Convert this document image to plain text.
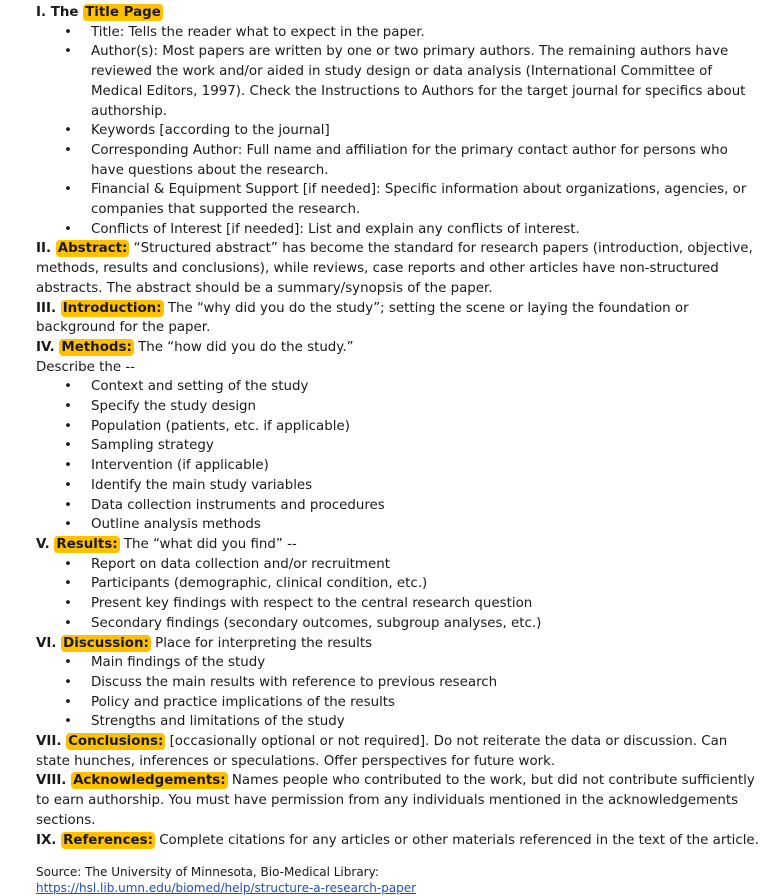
I. The Title Page

• Title: Tells the reader what to expect in the paper.
• Author(s): Most papers are written by one or two primary authors. The remaining authors have reviewed the work and/or aided in study design or data analysis (International Committee of Medical Editors, 1997). Check the Instructions to Authors for the target journal for specifics about authorship.
• Keywords [according to the journal]
• Corresponding Author: Full name and affiliation for the primary contact author for persons who have questions about the research.
• Financial & Equipment Support [if needed]: Specific information about organizations, agencies, or companies that supported the research.
• Conflicts of Interest [if needed]: List and explain any conflicts of interest.

II. Abstract: “Structured abstract” has become the standard for research papers (introduction, objective, methods, results and conclusions), while reviews, case reports and other articles have non-structured abstracts. The abstract should be a summary/synopsis of the paper.

III. Introduction: The “why did you do the study”; setting the scene or laying the foundation or background for the paper.

IV. Methods: The “how did you do the study.”

Describe the --

• Context and setting of the study
• Specify the study design
• Population (patients, etc. if applicable)
• Sampling strategy
• Intervention (if applicable)
• Identify the main study variables
• Data collection instruments and procedures
• Outline analysis methods

V. Results: The “what did you find” --

• Report on data collection and/or recruitment
• Participants (demographic, clinical condition, etc.)
• Present key findings with respect to the central research question
• Secondary findings (secondary outcomes, subgroup analyses, etc.)

VI. Discussion: Place for interpreting the results

• Main findings of the study
• Discuss the main results with reference to previous research
• Policy and practice implications of the results
• Strengths and limitations of the study

VII. Conclusions: [occasionally optional or not required]. Do not reiterate the data or discussion. Can state hunches, inferences or speculations. Offer perspectives for future work.

VIII. Acknowledgements: Names people who contributed to the work, but did not contribute sufficiently to earn authorship. You must have permission from any individuals mentioned in the acknowledgements sections.

IX. References: Complete citations for any articles or other materials referenced in the text of the article.

Source: The University of Minnesota, Bio-Medical Library:
https://hsl.lib.umn.edu/biomed/help/structure-a-research-paper
